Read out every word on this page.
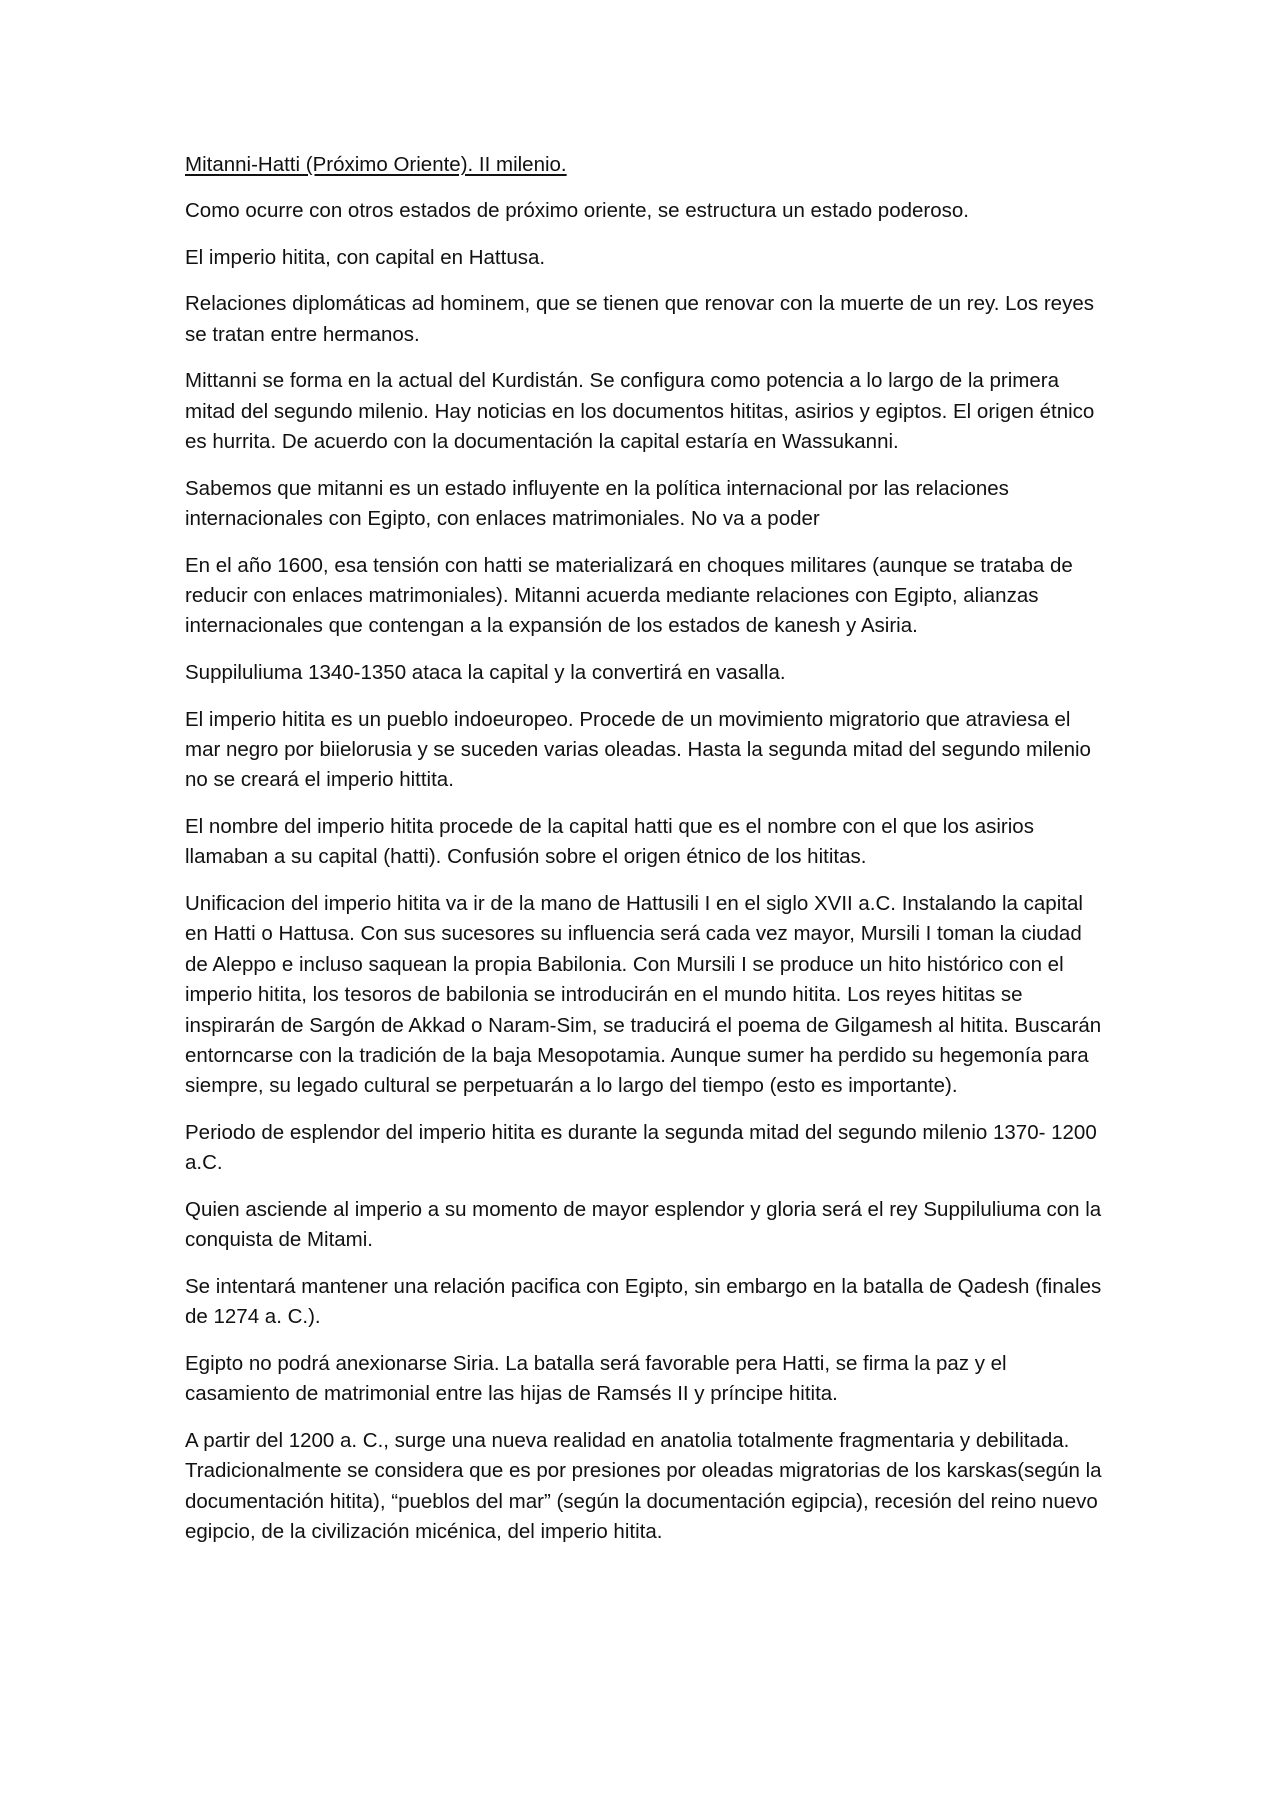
Mitanni-Hatti (Próximo Oriente). II milenio.

Como ocurre con otros estados de próximo oriente, se estructura un estado poderoso.

El imperio hitita, con capital en Hattusa.

Relaciones diplomáticas ad hominem, que se tienen que renovar con la muerte de un rey. Los reyes se tratan entre hermanos.

Mittanni se forma en la actual del Kurdistán. Se configura como potencia a lo largo de la primera mitad del segundo milenio. Hay noticias en los documentos hititas, asirios y egiptos. El origen étnico es hurrita. De acuerdo con la documentación la capital estaría en Wassukanni.

Sabemos que mitanni es un estado influyente en la política internacional por las relaciones internacionales con Egipto, con enlaces matrimoniales. No va a poder

En el año 1600, esa tensión con hatti se materializará en choques militares (aunque se trataba de reducir con enlaces matrimoniales). Mitanni acuerda mediante relaciones con Egipto, alianzas internacionales que contengan a la expansión de los estados de kanesh y Asiria.

Suppiluliuma 1340-1350 ataca la capital y la convertirá en vasalla.

El imperio hitita es un pueblo indoeuropeo. Procede de un movimiento migratorio que atraviesa el mar negro por biielorusia y se suceden varias oleadas. Hasta la segunda mitad del segundo milenio no se creará el imperio hittita.

El nombre del imperio hitita procede de la capital hatti que es el nombre con el que los asirios llamaban a su capital (hatti). Confusión sobre el origen étnico de los hititas.

Unificacion del imperio hitita va ir de la mano de Hattusili I en el siglo XVII a.C. Instalando la capital en Hatti o Hattusa. Con sus sucesores su influencia será cada vez mayor, Mursili I toman la ciudad de Aleppo e incluso saquean la propia Babilonia. Con Mursili I se produce un hito histórico con el imperio hitita, los tesoros de babilonia se introducirán en el mundo hitita. Los reyes hititas se inspirarán de Sargón de Akkad o Naram-Sim, se traducirá el poema de Gilgamesh al hitita. Buscarán entorncarse con la tradición de la baja Mesopotamia. Aunque sumer ha perdido su hegemonía para siempre, su legado cultural se perpetuarán a lo largo del tiempo (esto es importante).

Periodo de esplendor del imperio hitita es durante la segunda mitad del segundo milenio 1370- 1200 a.C.

Quien asciende al imperio a su momento de mayor esplendor y gloria será el rey Suppiluliuma con la conquista de Mitami.

Se intentará mantener una relación pacifica con Egipto, sin embargo en la batalla de Qadesh (finales de 1274 a. C.).

Egipto no podrá anexionarse Siria. La batalla será favorable pera Hatti, se firma la paz y el casamiento de matrimonial entre las hijas de Ramsés II y príncipe hitita.

A partir del 1200 a. C., surge una nueva realidad en anatolia totalmente fragmentaria y debilitada. Tradicionalmente se considera que es por presiones por oleadas migratorias de los karskas(según la documentación hitita), “pueblos del mar” (según la documentación egipcia), recesión del reino nuevo egipcio, de la civilización micénica, del imperio hitita.
